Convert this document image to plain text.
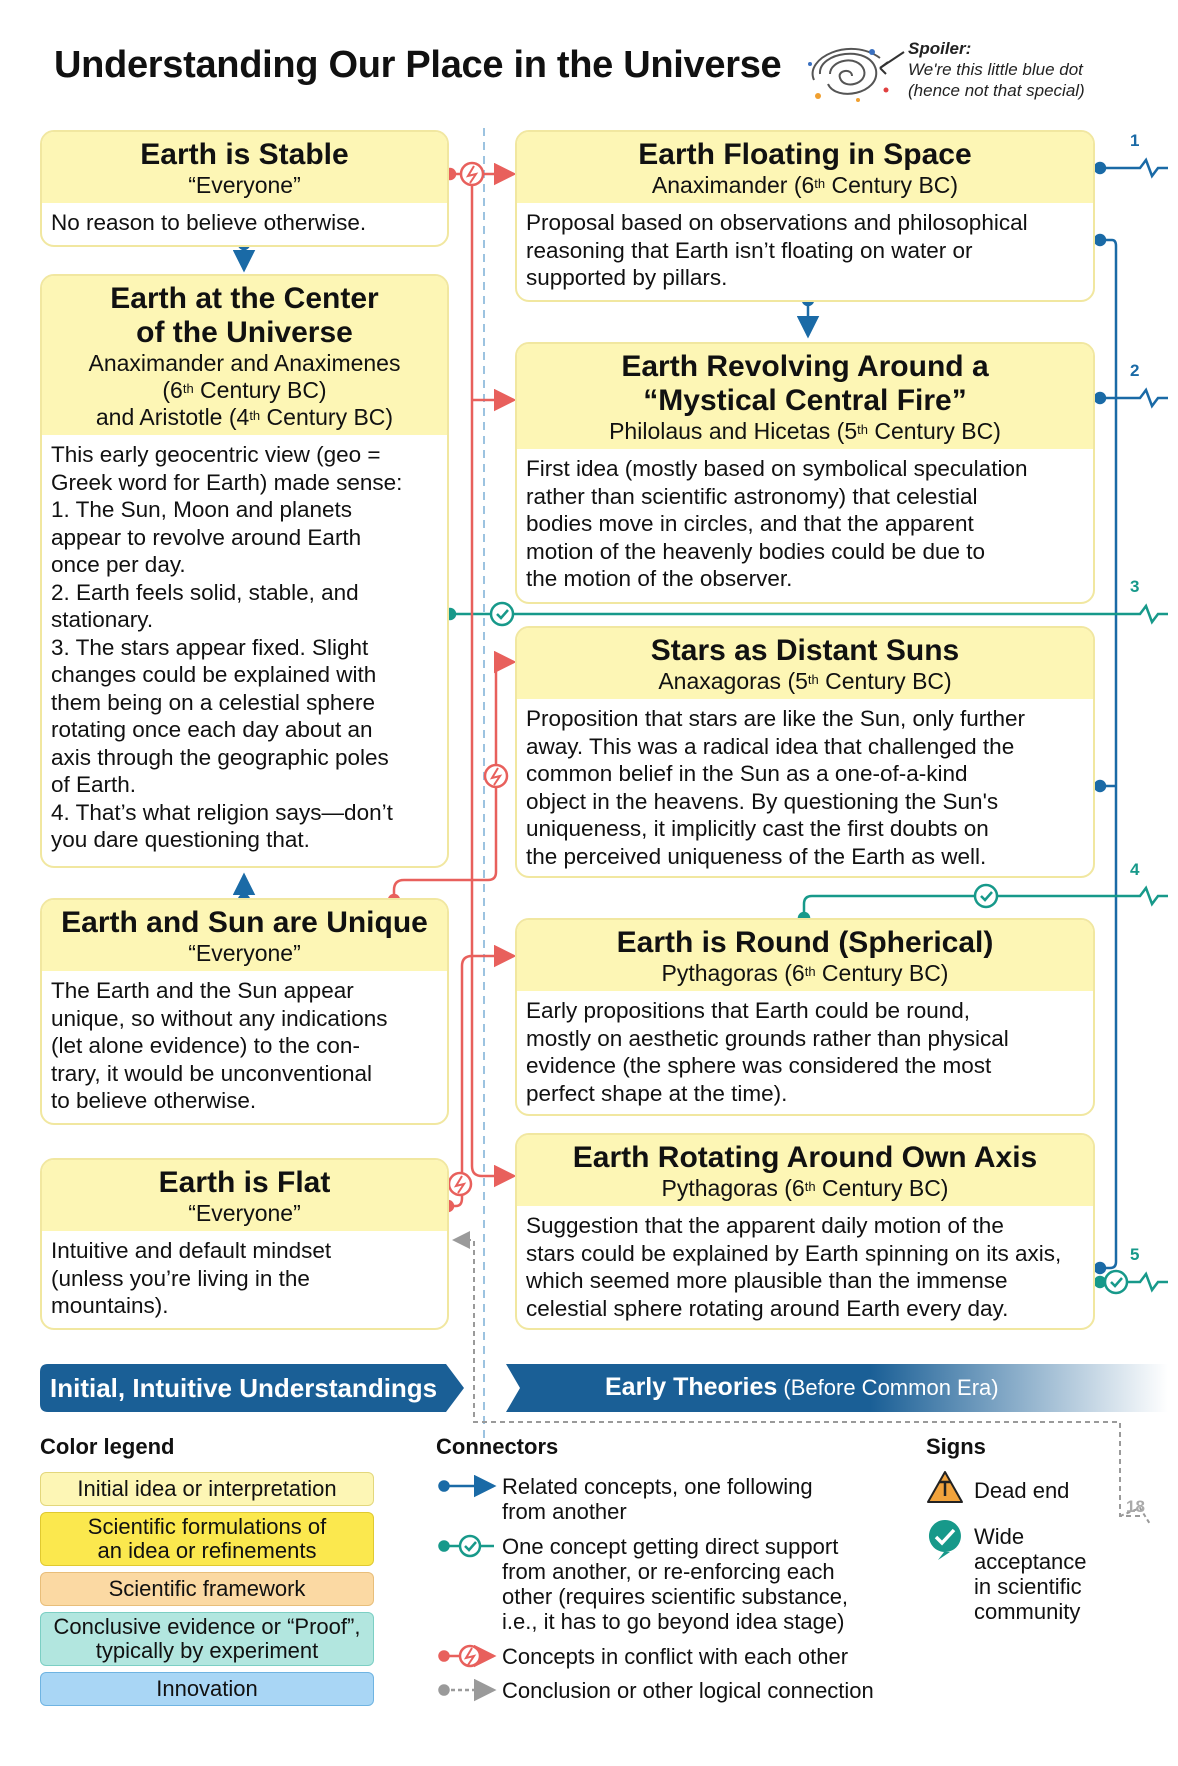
Understanding Our Place in the Universe	Spoiler:
We're this little blue dot
(hence not that special)
1
2
3
4
5
Earth is Stable
“Everyone”
No reason to believe otherwise.
Earth at the Center
of the Universe
Anaximander and Anaximenes
(6th Century BC)
and Aristotle (4th Century BC)
This early geocentric view (geo =
Greek word for Earth) made sense:
1. The Sun, Moon and planets
appear to revolve around Earth
once per day.
2. Earth feels solid, stable, and
stationary.
3. The stars appear fixed. Slight
changes could be explained with
them being on a celestial sphere
rotating once each day about an
axis through the geographic poles
of Earth.
4. That’s what religion says—don’t
you dare questioning that.
Earth and Sun are Unique
“Everyone”
The Earth and the Sun appear
unique, so without any indications
(let alone evidence) to the con-
trary, it would be unconventional
to believe otherwise.
Earth is Flat
“Everyone”
Intuitive and default mindset
(unless you’re living in the
mountains).
Earth Floating in Space
Anaximander (6th Century BC)
Proposal based on observations and philosophical
reasoning that Earth isn’t floating on water or
supported by pillars.
Earth Revolving Around a
“Mystical Central Fire”
Philolaus and Hicetas (5th Century BC)
First idea (mostly based on symbolical speculation
rather than scientific astronomy) that celestial
bodies move in circles, and that the apparent
motion of the heavenly bodies could be due to
the motion of the observer.
Stars as Distant Suns
Anaxagoras (5th Century BC)
Proposition that stars are like the Sun, only further
away. This was a radical idea that challenged the
common belief in the Sun as a one-of-a-kind
object in the heavens. By questioning the Sun's
uniqueness, it implicitly cast the first doubts on
the perceived uniqueness of the Earth as well.
Earth is Round (Spherical)
Pythagoras (6th Century BC)
Early propositions that Earth could be round,
mostly on aesthetic grounds rather than physical
evidence (the sphere was considered the most
perfect shape at the time).
Earth Rotating Around Own Axis
Pythagoras (6th Century BC)
Suggestion that the apparent daily motion of the
stars could be explained by Earth spinning on its axis,
which seemed more plausible than the immense
celestial sphere rotating around Earth every day.
Initial, Intuitive Understandings	Early Theories (Before Common Era)
Color legend
Initial idea or interpretation
Scientific formulations of
an idea or refinements
Scientific framework
Conclusive evidence or “Proof”,
typically by experiment
Innovation
Connectors
Related concepts, one following
from another
One concept getting direct support
from another, or re-enforcing each
other (requires scientific substance,
i.e., it has to go beyond idea stage)
Concepts in conflict with each other
Conclusion or other logical connection
Signs
Dead end
Wide
acceptance
in scientific
community
18
